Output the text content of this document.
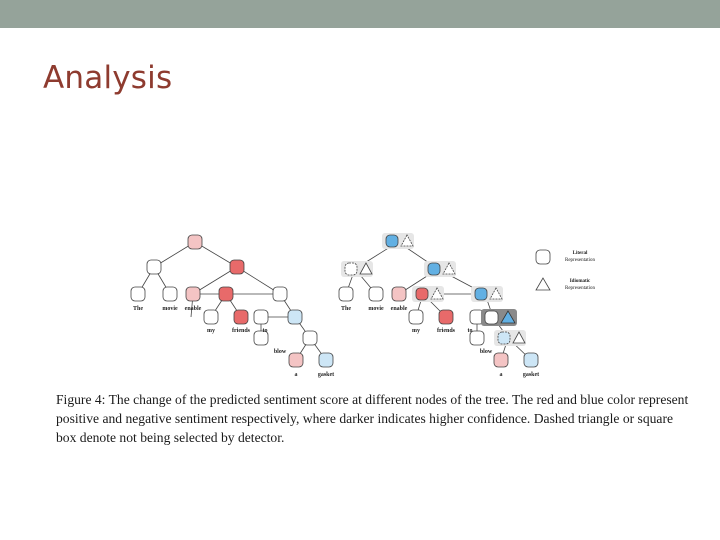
Analysis
The	movie enable
my	friends to
blow
a	gasket
The	movie enable
my	friends to
blow
a	gasket
Literal
Representation
Idiomatic
Representation

Figure 4: The change of the predicted sentiment score at different nodes of the tree. The red and blue color represent positive and negative sentiment respectively, where darker indicates higher confidence. Dashed triangle or square box denote not being selected by detector.
